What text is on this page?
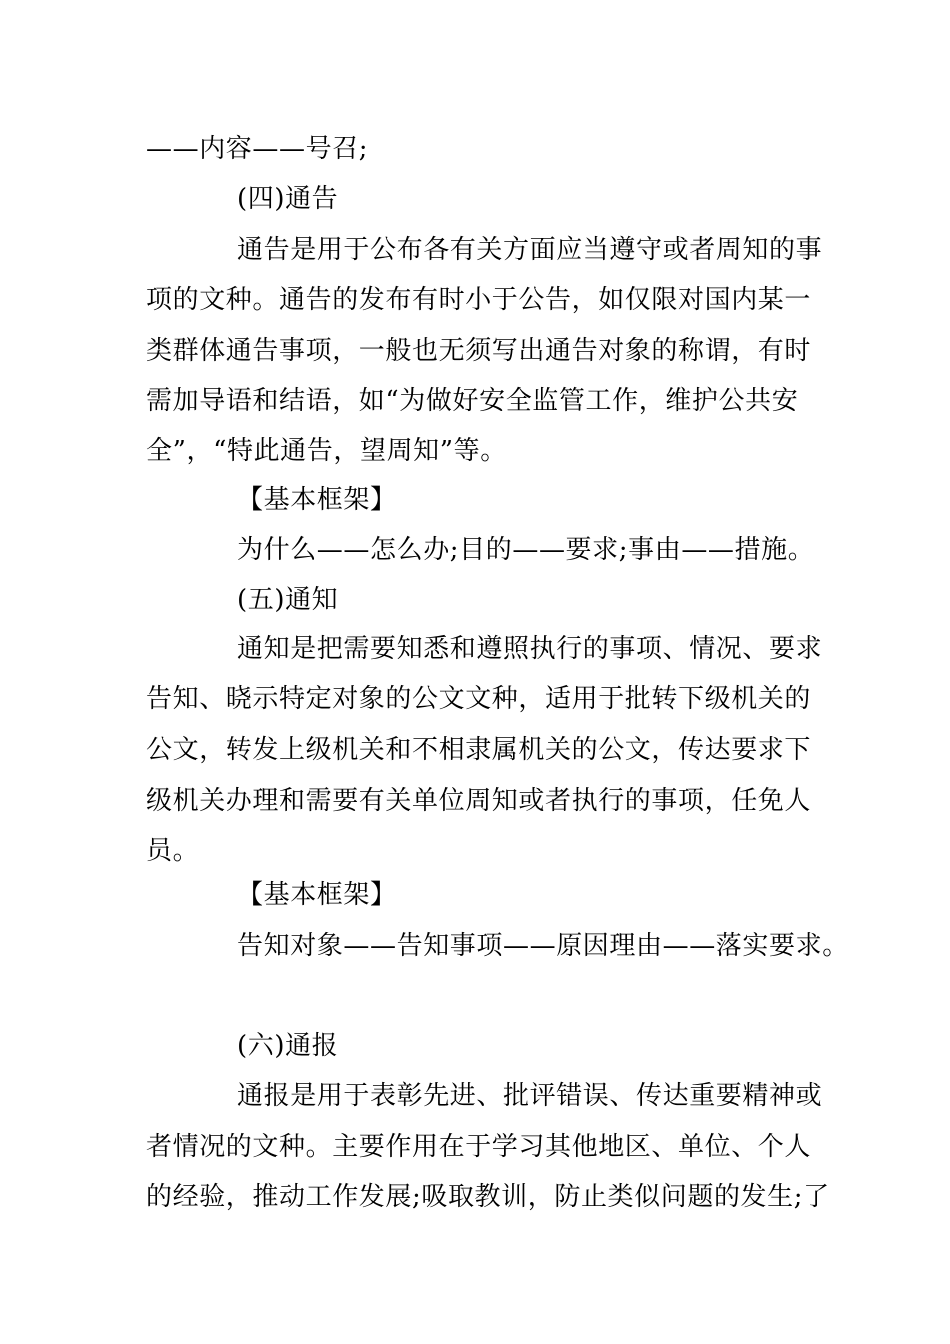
——内容——号召;
(四)通告
通告是用于公布各有关方面应当遵守或者周知的事
项的文种。通告的发布有时小于公告，如仅限对国内某一
类群体通告事项，一般也无须写出通告对象的称谓，有时
需加导语和结语，如“为做好安全监管工作，维护公共安
全”，“特此通告，望周知”等。
【基本框架】
为什么——怎么办;目的——要求;事由——措施。
(五)通知
通知是把需要知悉和遵照执行的事项、情况、要求
告知、晓示特定对象的公文文种，适用于批转下级机关的
公文，转发上级机关和不相隶属机关的公文，传达要求下
级机关办理和需要有关单位周知或者执行的事项，任免人
员。
【基本框架】
告知对象——告知事项——原因理由——落实要求。
(六)通报
通报是用于表彰先进、批评错误、传达重要精神或
者情况的文种。主要作用在于学习其他地区、单位、个人
的经验，推动工作发展;吸取教训，防止类似问题的发生;了
